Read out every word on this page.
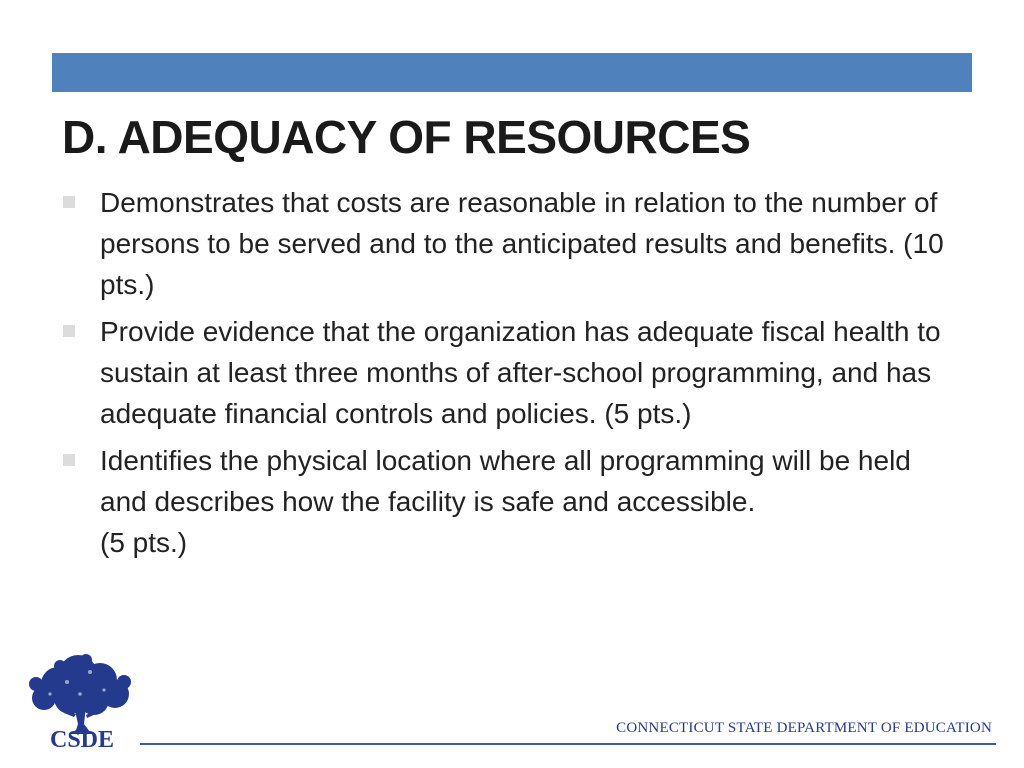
D. ADEQUACY OF RESOURCES
Demonstrates that costs are reasonable in relation to the number of persons to be served and to the anticipated results and benefits. (10 pts.)
Provide evidence that the organization has adequate fiscal health to sustain at least three months of after-school programming, and has adequate financial controls and policies. (5 pts.)
Identifies the physical location where all programming will be held and describes how the facility is safe and accessible.
(5 pts.)
CSDE	CONNECTICUT STATE DEPARTMENT OF EDUCATION
